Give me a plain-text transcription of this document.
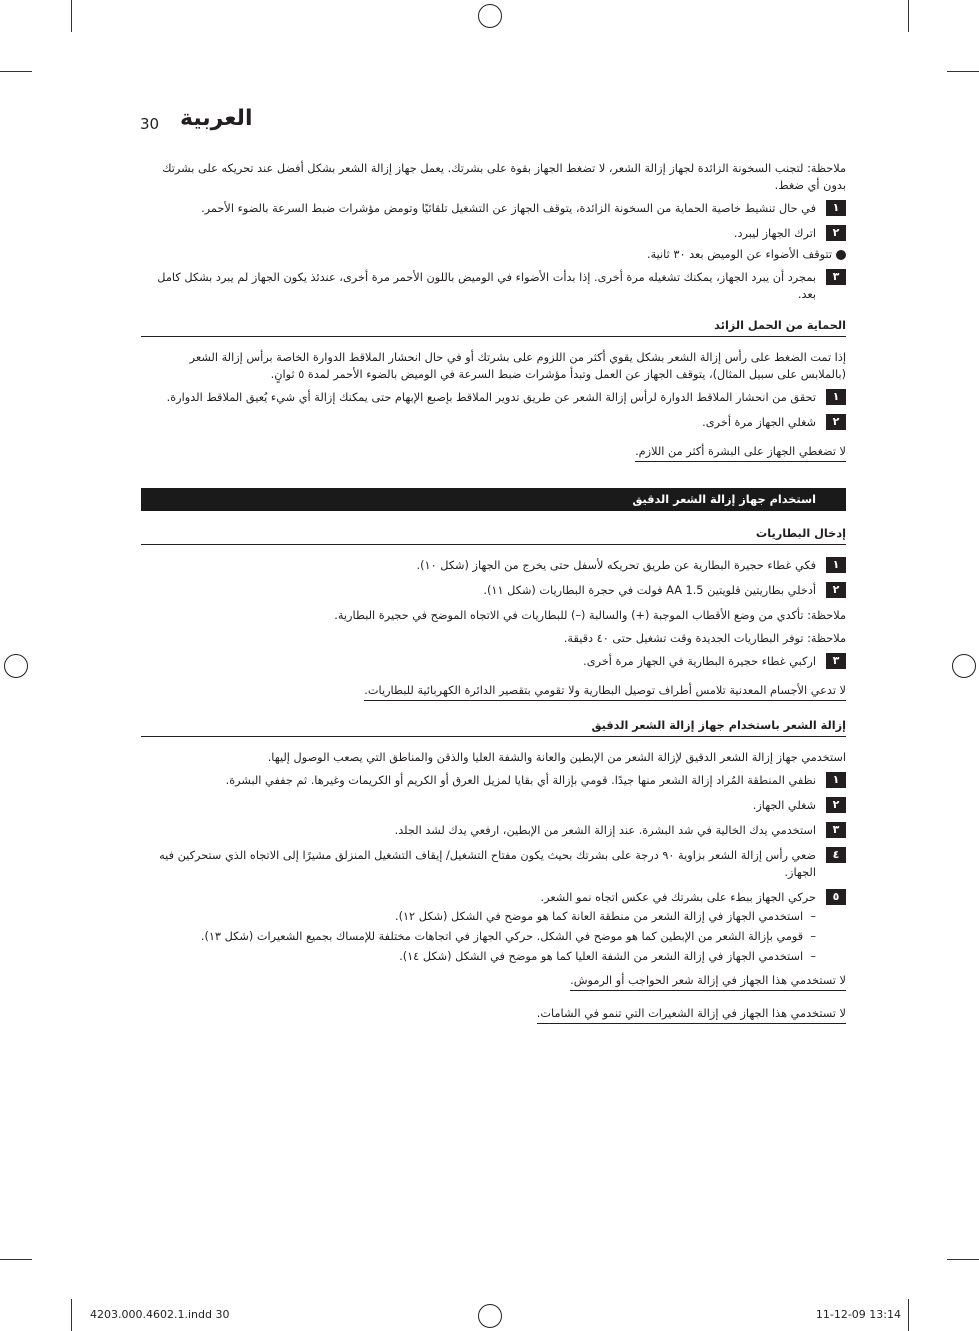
30 العربية

ملاحظة: لتجنب السخونة الزائدة لجهاز إزالة الشعر، لا تضغط الجهاز بقوة على بشرتك. يعمل جهاز إزالة الشعر بشكل أفضل عند تحريكه على بشرتك بدون أي ضغط.

١
في حال تنشيط خاصية الحماية من السخونة الزائدة، يتوقف الجهاز عن التشغيل تلقائيًا وتومض مؤشرات ضبط السرعة بالضوء الأحمر.
٢
اترك الجهاز ليبرد.

تتوقف الأضواء عن الوميض بعد ٣٠ ثانية.

٣
بمجرد أن يبرد الجهاز، يمكنك تشغيله مرة أخرى. إذا بدأت الأضواء في الوميض باللون الأحمر مرة أخرى، عندئذ يكون الجهاز لم يبرد بشكل كامل بعد.
الحماية من الحمل الزائد

إذا تمت الضغط على رأس إزالة الشعر بشكل يقوي أكثر من اللزوم على بشرتك أو في حال انحشار الملاقط الدوارة الخاصة برأس إزالة الشعر (بالملابس على سبيل المثال)، يتوقف الجهاز عن العمل وتبدأ مؤشرات ضبط السرعة في الوميض بالضوء الأحمر لمدة ٥ ثوانٍ.

١
تحقق من انحشار الملاقط الدوارة لرأس إزالة الشعر عن طريق تدوير الملاقط بإصبع الإبهام حتى يمكنك إزالة أي شيء يُعيق الملاقط الدوارة.
٢
شغلي الجهاز مرة أخرى.
لا تضغطي الجهاز على البشرة أكثر من اللازم.
استخدام جهاز إزالة الشعر الدقيق
إدخال البطاريات
١
فكي غطاء حجيرة البطارية عن طريق تحريكه لأسفل حتى يخرج من الجهاز (شكل ١٠).
٢
أدخلي بطاريتين قلويتين AA 1.5 فولت في حجرة البطاريات (شكل ١١).

ملاحظة: تأكدي من وضع الأقطاب الموجبة (+) والسالبة (–) للبطاريات في الاتجاه الموضح في حجيرة البطارية.

ملاحظة: توفر البطاريات الجديدة وقت تشغيل حتى ٤٠ دقيقة.

٣
اركبي غطاء حجيرة البطارية في الجهاز مرة أخرى.
لا تدعي الأجسام المعدنية تلامس أطراف توصيل البطارية ولا تقومي بتقصير الدائرة الكهربائية للبطاريات.
إزالة الشعر باستخدام جهاز إزالة الشعر الدقيق

استخدمي جهاز إزالة الشعر الدقيق لإزالة الشعر من الإبطين والعانة والشفة العليا والذقن والمناطق التي يصعب الوصول إليها.

١
نظفي المنطقة المُراد إزالة الشعر منها جيدًا. قومي بإزالة أي بقايا لمزيل العرق أو الكريم أو الكريمات وغيرها. ثم جففي البشرة.
٢
شغلي الجهاز.
٣
استخدمي يدك الخالية في شد البشرة. عند إزالة الشعر من الإبطين، ارفعي يدك لشد الجلد.
٤
ضعي رأس إزالة الشعر بزاوية ٩٠ درجة على بشرتك بحيث يكون مفتاح التشغيل/ إيقاف التشغيل المنزلق مشيرًا إلى الاتجاه الذي ستحركين فيه الجهاز.
٥
حركي الجهاز ببطء على بشرتك في عكس اتجاه نمو الشعر.
–  استخدمي الجهاز في إزالة الشعر من منطقة العانة كما هو موضح في الشكل (شكل ١٢).
–  قومي بإزالة الشعر من الإبطين كما هو موضح في الشكل. حركي الجهاز في اتجاهات مختلفة للإمساك بجميع الشعيرات (شكل ١٣).
–  استخدمي الجهاز في إزالة الشعر من الشفة العليا كما هو موضح في الشكل (شكل ١٤).
لا تستخدمي هذا الجهاز في إزالة شعر الحواجب أو الرموش.
لا تستخدمي هذا الجهاز في إزالة الشعيرات التي تنمو في الشامات.
4203.000.4602.1.indd 30	11-12-09 13:14
